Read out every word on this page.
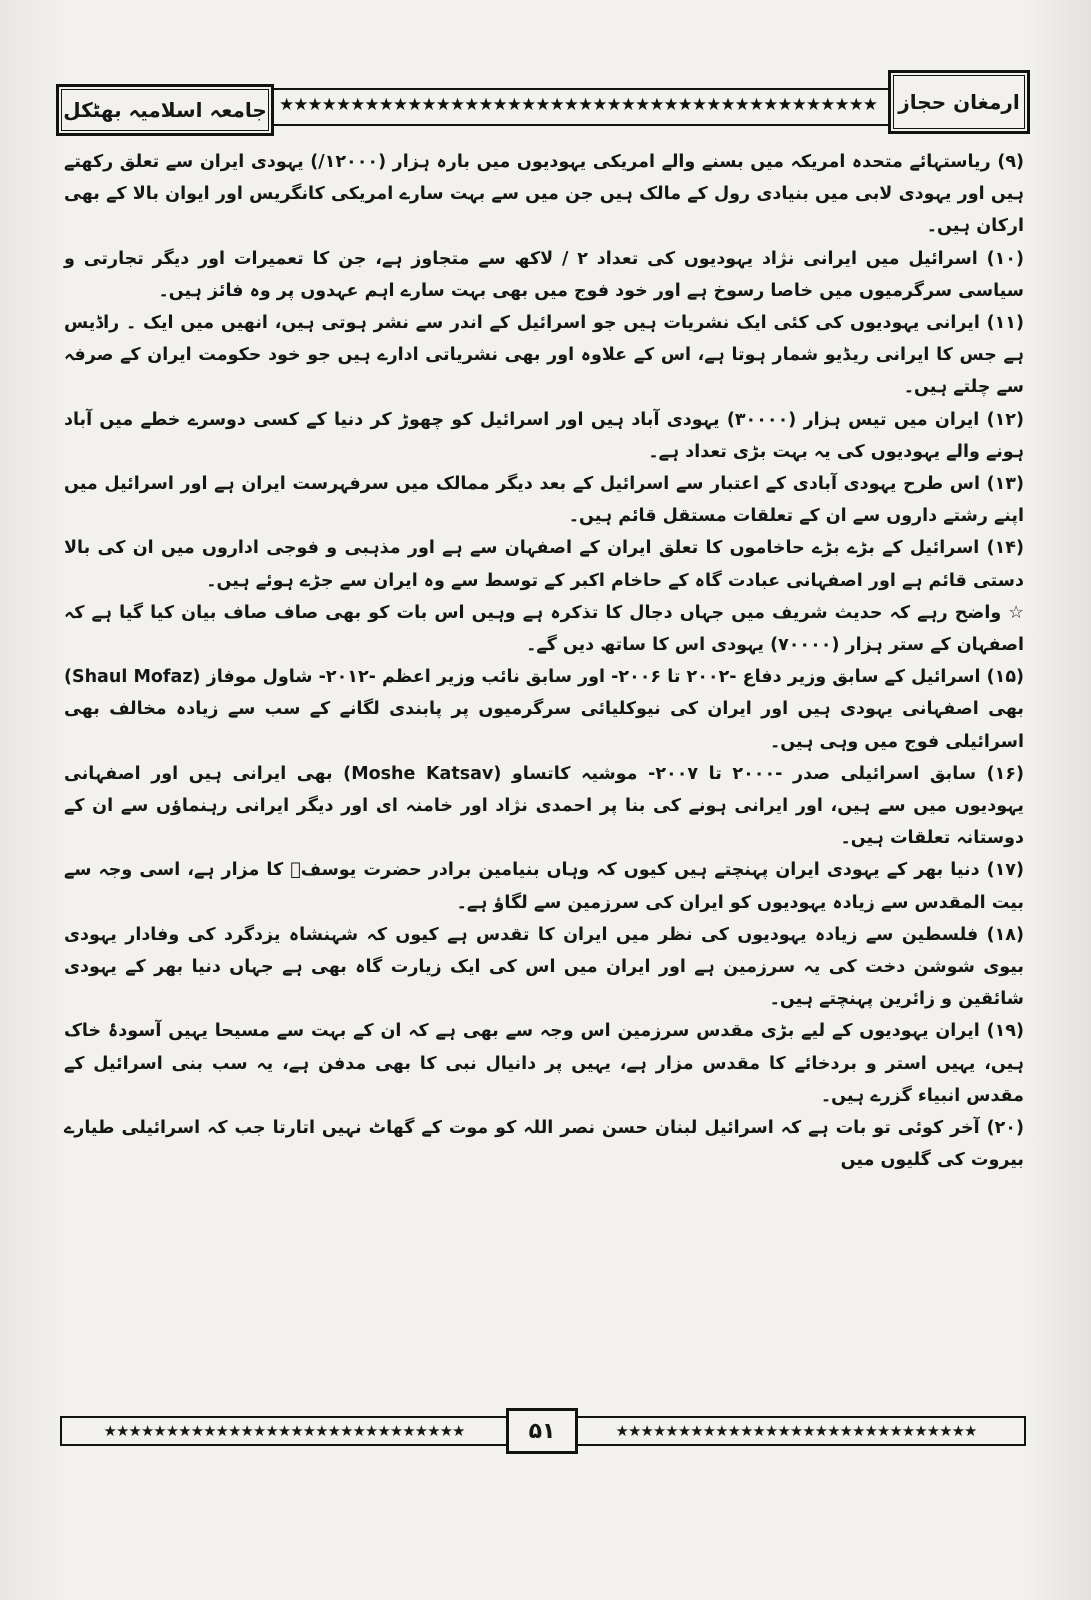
★★★★★★★★★★★★★★★★★★★★★★★★★★★★★★★★★★★★★★★★★★
جامعہ اسلامیہ بھٹکل	ارمغان حجاز

(۹) ریاستہائے متحدہ امریکہ میں بسنے والے امریکی یہودیوں میں بارہ ہزار (۱۲۰۰۰/) یہودی ایران سے تعلق رکھتے ہیں اور یہودی لابی میں بنیادی رول کے مالک ہیں جن میں سے بہت سارے امریکی کانگریس اور ایوان بالا کے بھی ارکان ہیں۔

(۱۰) اسرائیل میں ایرانی نژاد یہودیوں کی تعداد ۲ / لاکھ سے متجاوز ہے، جن کا تعمیرات اور دیگر تجارتی و سیاسی سرگرمیوں میں خاصا رسوخ ہے اور خود فوج میں بھی بہت سارے اہم عہدوں پر وہ فائز ہیں۔

(۱۱) ایرانی یہودیوں کی کئی ایک نشریات ہیں جو اسرائیل کے اندر سے نشر ہوتی ہیں، انھیں میں ایک ۔ راڈیس ہے جس کا ایرانی ریڈیو شمار ہوتا ہے، اس کے علاوہ اور بھی نشریاتی ادارے ہیں جو خود حکومت ایران کے صرفہ سے چلتے ہیں۔

(۱۲) ایران میں تیس ہزار (۳۰۰۰۰) یہودی آباد ہیں اور اسرائیل کو چھوڑ کر دنیا کے کسی دوسرے خطے میں آباد ہونے والے یہودیوں کی یہ بہت بڑی تعداد ہے۔

(۱۳) اس طرح یہودی آبادی کے اعتبار سے اسرائیل کے بعد دیگر ممالک میں سرفہرست ایران ہے اور اسرائیل میں اپنے رشتے داروں سے ان کے تعلقات مستقل قائم ہیں۔

(۱۴) اسرائیل کے بڑے بڑے حاخاموں کا تعلق ایران کے اصفہان سے ہے اور مذہبی و فوجی اداروں میں ان کی بالا دستی قائم ہے اور اصفہانی عبادت گاہ کے حاخام اکبر کے توسط سے وہ ایران سے جڑے ہوئے ہیں۔

☆ واضح رہے کہ حدیث شریف میں جہاں دجال کا تذکرہ ہے وہیں اس بات کو بھی صاف صاف بیان کیا گیا ہے کہ اصفہان کے ستر ہزار (۷۰۰۰۰) یہودی اس کا ساتھ دیں گے۔

(۱۵) اسرائیل کے سابق وزیر دفاع -۲۰۰۲ تا ۲۰۰۶- اور سابق نائب وزیر اعظم -۲۰۱۲- شاول موفاز (Shaul Mofaz) بھی اصفہانی یہودی ہیں اور ایران کی نیوکلیائی سرگرمیوں پر پابندی لگانے کے سب سے زیادہ مخالف بھی اسرائیلی فوج میں وہی ہیں۔

(۱۶) سابق اسرائیلی صدر -۲۰۰۰ تا ۲۰۰۷- موشیہ کاتساو (Moshe Katsav) بھی ایرانی ہیں اور اصفہانی یہودیوں میں سے ہیں، اور ایرانی ہونے کی بنا پر احمدی نژاد اور خامنہ ای اور دیگر ایرانی رہنماؤں سے ان کے دوستانہ تعلقات ہیں۔

(۱۷) دنیا بھر کے یہودی ایران پہنچتے ہیں کیوں کہ وہاں بنیامین برادر حضرت یوسفؑ کا مزار ہے، اسی وجہ سے بیت المقدس سے زیادہ یہودیوں کو ایران کی سرزمین سے لگاؤ ہے۔

(۱۸) فلسطین سے زیادہ یہودیوں کی نظر میں ایران کا تقدس ہے کیوں کہ شہنشاہ یزدگرد کی وفادار یہودی بیوی شوشن دخت کی یہ سرزمین ہے اور ایران میں اس کی ایک زیارت گاہ بھی ہے جہاں دنیا بھر کے یہودی شائقین و زائرین پہنچتے ہیں۔

(۱۹) ایران یہودیوں کے لیے بڑی مقدس سرزمین اس وجہ سے بھی ہے کہ ان کے بہت سے مسیحا یہیں آسودۂ خاک ہیں، یہیں استر و بردخائے کا مقدس مزار ہے، یہیں پر دانیال نبی کا بھی مدفن ہے، یہ سب بنی اسرائیل کے مقدس انبیاء گزرے ہیں۔

(۲۰) آخر کوئی تو بات ہے کہ اسرائیل لبنان حسن نصر اللہ کو موت کے گھاٹ نہیں اتارتا جب کہ اسرائیلی طیارے بیروت کی گلیوں میں

★★★★★★★★★★★★★★★★★★★★★★★★★★★★★	★★★★★★★★★★★★★★★★★★★★★★★★★★★★★
۵۱
